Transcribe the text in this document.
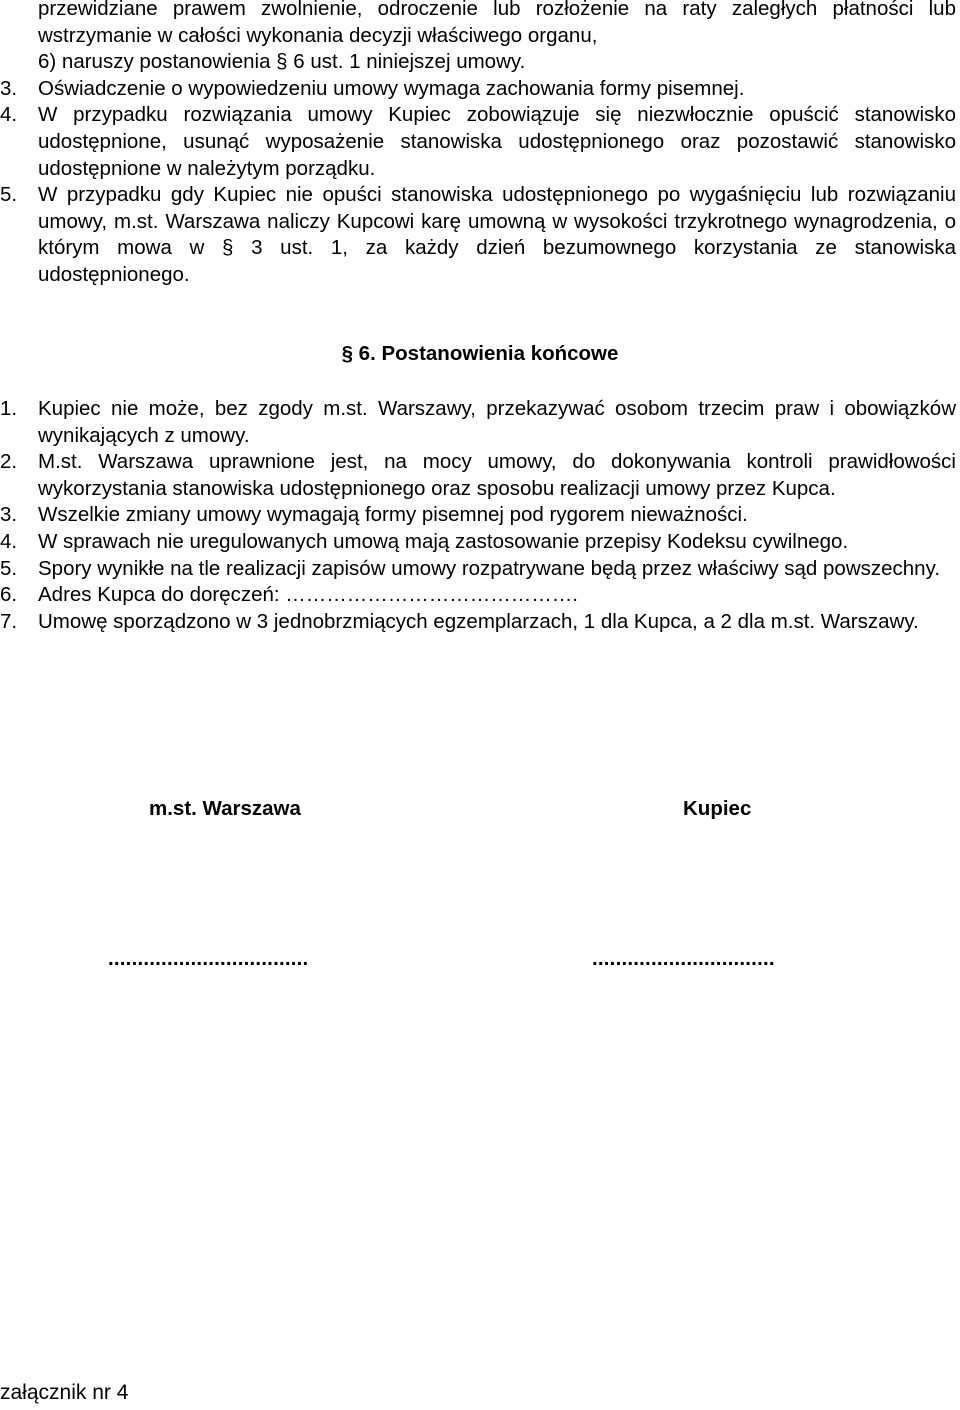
przewidziane prawem zwolnienie, odroczenie lub rozłożenie na raty zaległych płatności lub wstrzymanie w całości wykonania decyzji właściwego organu,
6) naruszy postanowienia § 6 ust. 1 niniejszej umowy.
3. Oświadczenie o wypowiedzeniu umowy wymaga zachowania formy pisemnej.
4. W przypadku rozwiązania umowy Kupiec zobowiązuje się niezwłocznie opuścić stanowisko udostępnione, usunąć wyposażenie stanowiska udostępnionego oraz pozostawić stanowisko udostępnione w należytym porządku.
5. W przypadku gdy Kupiec nie opuści stanowiska udostępnionego po wygaśnięciu lub rozwiązaniu umowy, m.st. Warszawa naliczy Kupcowi karę umowną w wysokości trzykrotnego wynagrodzenia, o którym mowa w § 3 ust. 1, za każdy dzień bezumownego korzystania ze stanowiska udostępnionego.
§ 6. Postanowienia końcowe
1. Kupiec nie może, bez zgody m.st. Warszawy, przekazywać osobom trzecim praw i obowiązków wynikających z umowy.
2. M.st. Warszawa uprawnione jest, na mocy umowy, do dokonywania kontroli prawidłowości wykorzystania stanowiska udostępnionego oraz sposobu realizacji umowy przez Kupca.
3. Wszelkie zmiany umowy wymagają formy pisemnej pod rygorem nieważności.
4. W sprawach nie uregulowanych umową mają zastosowanie przepisy Kodeksu cywilnego.
5. Spory wynikłe na tle realizacji zapisów umowy rozpatrywane będą przez właściwy sąd powszechny.
6. Adres Kupca do doręczeń: …………………………………….
7. Umowę sporządzono w 3 jednobrzmiących egzemplarzach, 1 dla Kupca, a 2 dla m.st. Warszawy.
m.st. Warszawa	Kupiec
..................................	...............................
załącznik nr 4
